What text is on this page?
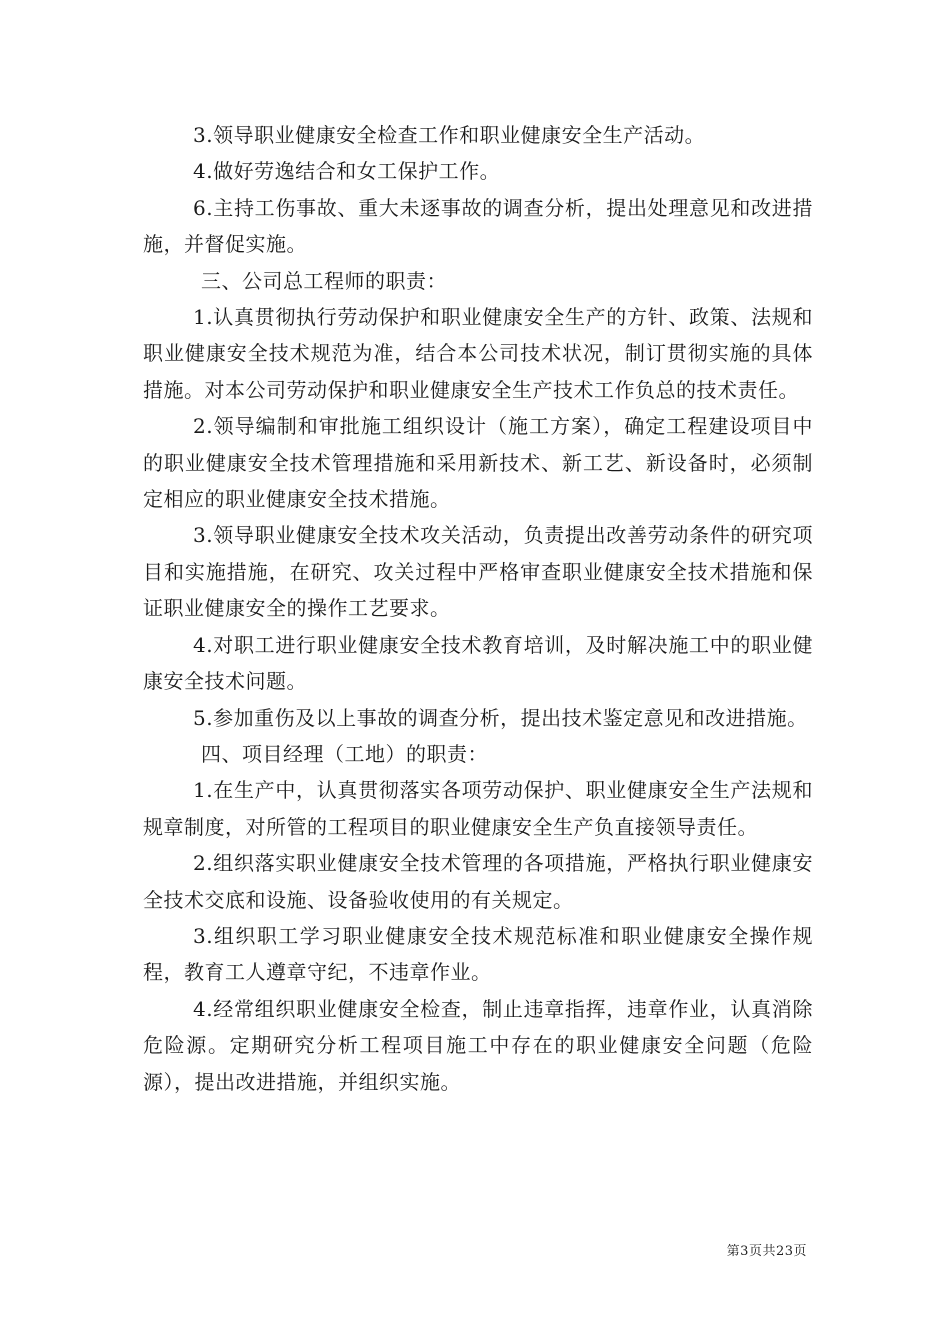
3.领导职业健康安全检查工作和职业健康安全生产活动。

4.做好劳逸结合和女工保护工作。

6.主持工伤事故、重大未逐事故的调查分析，提出处理意见和改进措施，并督促实施。

三、公司总工程师的职责：

1.认真贯彻执行劳动保护和职业健康安全生产的方针、政策、法规和职业健康安全技术规范为准，结合本公司技术状况，制订贯彻实施的具体措施。对本公司劳动保护和职业健康安全生产技术工作负总的技术责任。

2.领导编制和审批施工组织设计（施工方案），确定工程建设项目中的职业健康安全技术管理措施和采用新技术、新工艺、新设备时，必须制定相应的职业健康安全技术措施。

3.领导职业健康安全技术攻关活动，负责提出改善劳动条件的研究项目和实施措施，在研究、攻关过程中严格审查职业健康安全技术措施和保证职业健康安全的操作工艺要求。

4.对职工进行职业健康安全技术教育培训，及时解决施工中的职业健康安全技术问题。

5.参加重伤及以上事故的调查分析，提出技术鉴定意见和改进措施。

四、项目经理（工地）的职责：

1.在生产中，认真贯彻落实各项劳动保护、职业健康安全生产法规和规章制度，对所管的工程项目的职业健康安全生产负直接领导责任。

2.组织落实职业健康安全技术管理的各项措施，严格执行职业健康安全技术交底和设施、设备验收使用的有关规定。

3.组织职工学习职业健康安全技术规范标准和职业健康安全操作规程，教育工人遵章守纪，不违章作业。

4.经常组织职业健康安全检查，制止违章指挥，违章作业，认真消除危险源。定期研究分析工程项目施工中存在的职业健康安全问题（危险源），提出改进措施，并组织实施。

第3页共23页
